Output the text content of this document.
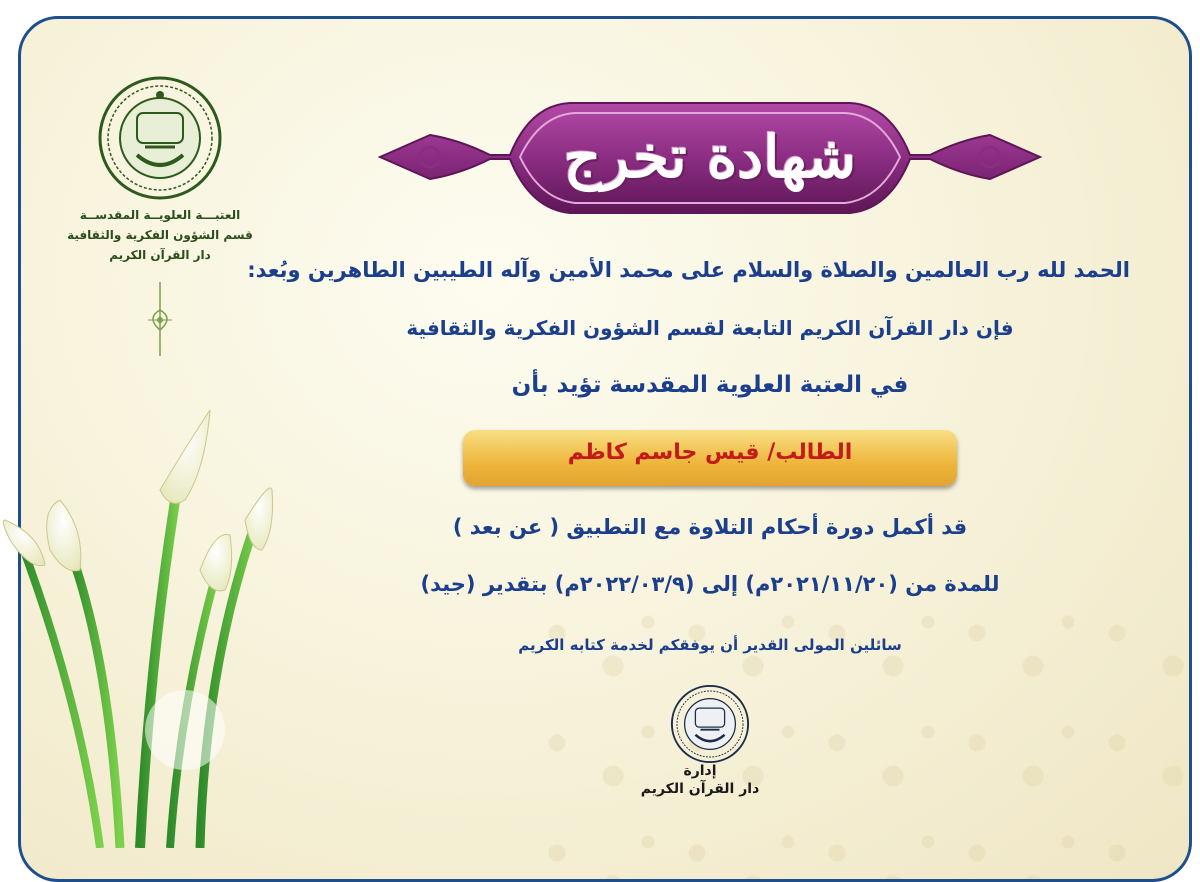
العتبـــة العلويــة المقدســة
قسم الشؤون الفكرية والثقافية
دار القرآن الكريم
شهادة تخرج
الحمد لله رب العالمين والصلاة والسلام على محمد الأمين وآله الطيبين الطاهرين وبُعد:
فإن دار القرآن الكريم التابعة لقسم الشؤون الفكرية والثقافية
في العتبة العلوية المقدسة تؤيد بأن
الطالب/ قيس جاسم كاظم
قد أكمل دورة أحكام التلاوة مع التطبيق ( عن بعد )
للمدة من (٢٠٢١/١١/٢٠م) إلى (٢٠٢٢/٠٣/٩م) بتقدير (جيد)
سائلين المولى القدير أن يوفقكم لخدمة كتابه الكريم
إدارة
دار القرآن الكريم
